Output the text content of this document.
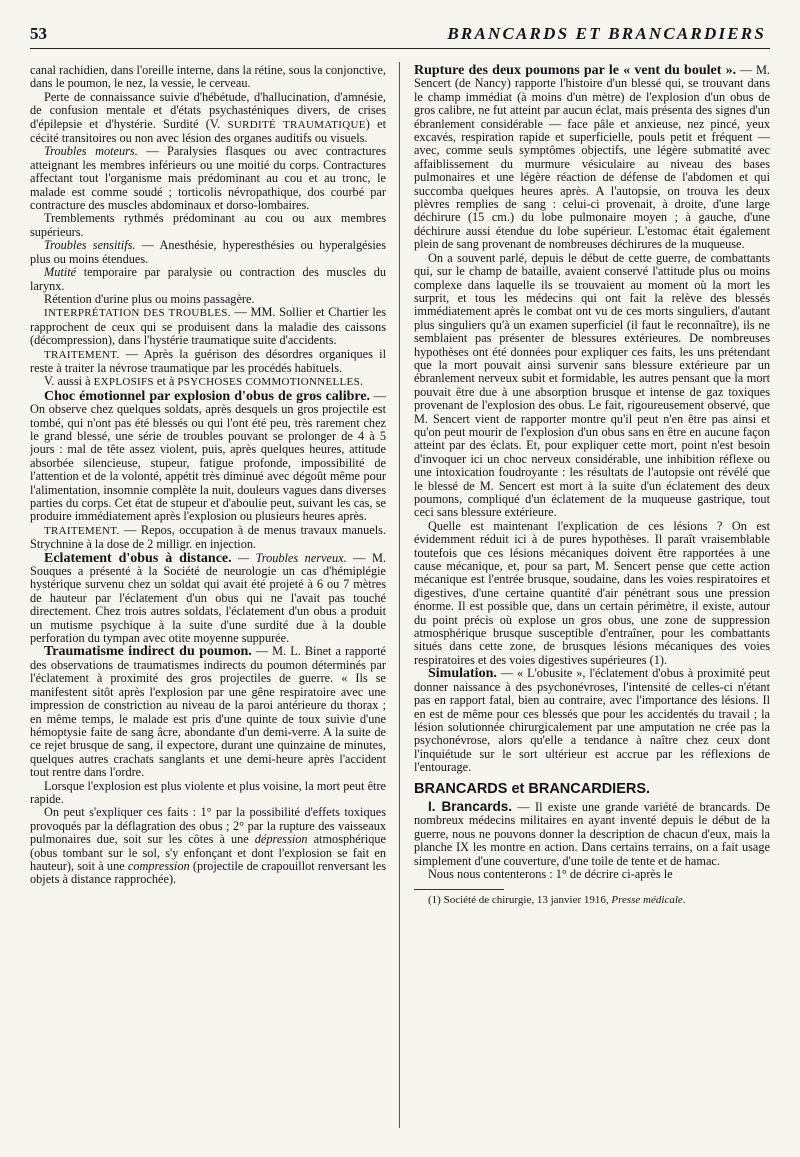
53	BRANCARDS ET BRANCARDIERS

canal rachidien, dans l'oreille interne, dans la rétine, sous la conjonctive, dans le poumon, le nez, la vessie, le cerveau.

Perte de connaissance suivie d'hébétude, d'hallucination, d'amnésie, de confusion mentale et d'états psychasténiques divers, de crises d'épilepsie et d'hystérie. Surdité (V. SURDITÉ TRAUMATIQUE) et cécité transitoires ou non avec lésion des organes auditifs ou visuels.

Troubles moteurs. — Paralysies flasques ou avec contractures atteignant les membres inférieurs ou une moitié du corps. Contractures affectant tout l'organisme mais prédominant au cou et au tronc, le malade est comme soudé ; torticolis névropathique, dos courbé par contracture des muscles abdominaux et dorso-lombaires.

Tremblements rythmés prédominant au cou ou aux membres supérieurs.

Troubles sensitifs. — Anesthésie, hyperesthésies ou hyperalgésies plus ou moins étendues.

Mutité temporaire par paralysie ou contraction des muscles du larynx.

Rétention d'urine plus ou moins passagère.

INTERPRÉTATION DES TROUBLES. — MM. Sollier et Chartier les rapprochent de ceux qui se produisent dans la maladie des caissons (décompression), dans l'hystérie traumatique suite d'accidents.

TRAITEMENT. — Après la guérison des désordres organiques il reste à traiter la névrose traumatique par les procédés habituels.

V. aussi à EXPLOSIFS et à PSYCHOSES COMMOTIONNELLES.

Choc émotionnel par explosion d'obus de gros calibre. — On observe chez quelques soldats, après desquels un gros projectile est tombé, qui n'ont pas été blessés ou qui l'ont été peu, très rarement chez le grand blessé, une série de troubles pouvant se prolonger de 4 à 5 jours : mal de tête assez violent, puis, après quelques heures, attitude absorbée silencieuse, stupeur, fatigue profonde, impossibilité de l'attention et de la volonté, appétit très diminué avec dégoût même pour l'alimentation, insomnie complète la nuit, douleurs vagues dans diverses parties du corps. Cet état de stupeur et d'aboulie peut, suivant les cas, se produire immédiatement après l'explosion ou plusieurs heures après.

TRAITEMENT. — Repos, occupation à de menus travaux manuels. Strychnine à la dose de 2 milligr. en injection.

Eclatement d'obus à distance. — Troubles nerveux. — M. Souques a présenté à la Société de neurologie un cas d'hémiplégie hystérique survenu chez un soldat qui avait été projeté à 6 ou 7 mètres de hauteur par l'éclatement d'un obus qui ne l'avait pas touché directement. Chez trois autres soldats, l'éclatement d'un obus a produit un mutisme psychique à la suite d'une surdité due à la double perforation du tympan avec otite moyenne suppurée.

Traumatisme indirect du poumon. — M. L. Binet a rapporté des observations de traumatismes indirects du poumon déterminés par l'éclatement à proximité des gros projectiles de guerre. « Ils se manifestent sitôt après l'explosion par une gêne respiratoire avec une impression de constriction au niveau de la paroi antérieure du thorax ; en même temps, le malade est pris d'une quinte de toux suivie d'une hémoptysie faite de sang âcre, abondante d'un demi-verre. A la suite de ce rejet brusque de sang, il expectore, durant une quinzaine de minutes, quelques autres crachats sanglants et une demi-heure après l'accident tout rentre dans l'ordre.

Lorsque l'explosion est plus violente et plus voisine, la mort peut être rapide.

On peut s'expliquer ces faits : 1° par la possibilité d'effets toxiques provoqués par la déflagration des obus ; 2° par la rupture des vaisseaux pulmonaires due, soit sur les côtes à une dépression atmosphérique (obus tombant sur le sol, s'y enfonçant et dont l'explosion se fait en hauteur), soit à une compression (projectile de crapouillot renversant les objets à distance rapprochée).

Rupture des deux poumons par le « vent du boulet ». — M. Sencert (de Nancy) rapporte l'histoire d'un blessé qui, se trouvant dans le champ immédiat (à moins d'un mètre) de l'explosion d'un obus de gros calibre, ne fut atteint par aucun éclat, mais présenta des signes d'un ébranlement considérable — face pâle et anxieuse, nez pincé, yeux excavés, respiration rapide et superficielle, pouls petit et fréquent — avec, comme seuls symptômes objectifs, une légère submatité avec affaiblissement du murmure vésiculaire au niveau des bases pulmonaires et une légère réaction de défense de l'abdomen et qui succomba quelques heures après. A l'autopsie, on trouva les deux plèvres remplies de sang : celui-ci provenait, à droite, d'une large déchirure (15 cm.) du lobe pulmonaire moyen ; à gauche, d'une déchirure aussi étendue du lobe supérieur. L'estomac était également plein de sang provenant de nombreuses déchirures de la muqueuse.

On a souvent parlé, depuis le début de cette guerre, de combattants qui, sur le champ de bataille, avaient conservé l'attitude plus ou moins complexe dans laquelle ils se trouvaient au moment où la mort les surprit, et tous les médecins qui ont fait la relève des blessés immédiatement après le combat ont vu de ces morts singuliers, d'autant plus singuliers qu'à un examen superficiel (il faut le reconnaître), ils ne semblaient pas présenter de blessures extérieures. De nombreuses hypothèses ont été données pour expliquer ces faits, les uns prétendant que la mort pouvait ainsi survenir sans blessure extérieure par un ébranlement nerveux subit et formidable, les autres pensant que la mort pouvait être due à une absorption brusque et intense de gaz toxiques provenant de l'explosion des obus. Le fait, rigoureusement observé, que M. Sencert vient de rapporter montre qu'il peut n'en être pas ainsi et qu'on peut mourir de l'explosion d'un obus sans en être en aucune façon atteint par des éclats. Et, pour expliquer cette mort, point n'est besoin d'invoquer ici un choc nerveux considérable, une inhibition réflexe ou une intoxication foudroyante : les résultats de l'autopsie ont révélé que le blessé de M. Sencert est mort à la suite d'un éclatement des deux poumons, compliqué d'un éclatement de la muqueuse gastrique, tout ceci sans blessure extérieure.

Quelle est maintenant l'explication de ces lésions ? On est évidemment réduit ici à de pures hypothèses. Il paraît vraisemblable toutefois que ces lésions mécaniques doivent être rapportées à une cause mécanique, et, pour sa part, M. Sencert pense que cette action mécanique est l'entrée brusque, soudaine, dans les voies respiratoires et digestives, d'une certaine quantité d'air pénétrant sous une pression énorme. Il est possible que, dans un certain périmètre, il existe, autour du point précis où explose un gros obus, une zone de suppression atmosphérique brusque susceptible d'entraîner, pour les combattants situés dans cette zone, de brusques lésions mécaniques des voies respiratoires et des voies digestives supérieures (1).

Simulation. — « L'obusite », l'éclatement d'obus à proximité peut donner naissance à des psychonévroses, l'intensité de celles-ci n'étant pas en rapport fatal, bien au contraire, avec l'importance des lésions. Il en est de même pour ces blessés que pour les accidentés du travail ; la lésion solutionnée chirurgicalement par une amputation ne crée pas la psychonévrose, alors qu'elle a tendance à naître chez ceux dont l'inquiétude sur le sort ultérieur est accrue par les réflexions de l'entourage.

BRANCARDS et BRANCARDIERS.

I. Brancards. — Il existe une grande variété de brancards. De nombreux médecins militaires en ayant inventé depuis le début de la guerre, nous ne pouvons donner la description de chacun d'eux, mais la planche IX les montre en action. Dans certains terrains, on a fait usage simplement d'une couverture, d'une toile de tente et de hamac.

Nous nous contenterons : 1° de décrire ci-après le

(1) Société de chirurgie, 13 janvier 1916, Presse médicale.
